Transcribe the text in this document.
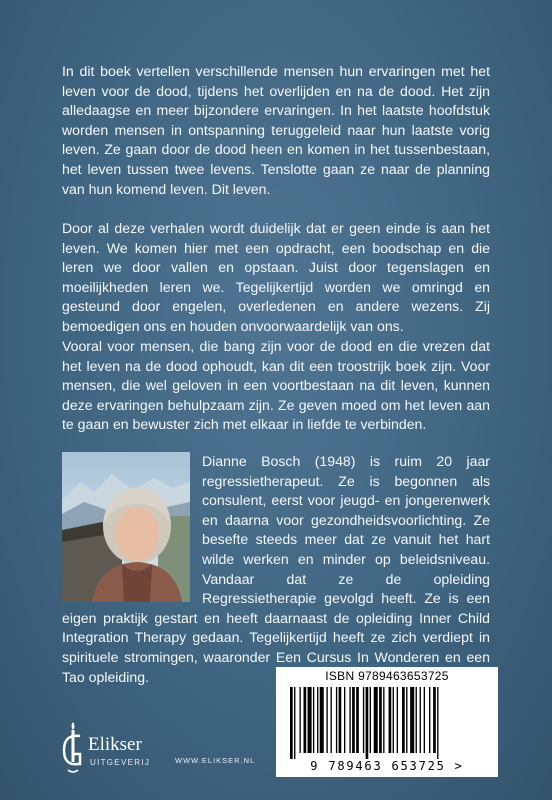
In dit boek vertellen verschillende mensen hun ervaringen met het leven voor de dood, tijdens het overlijden en na de dood. Het zijn alledaagse en meer bijzondere ervaringen. In het laatste hoofdstuk worden mensen in ontspanning teruggeleid naar hun laatste vorig leven. Ze gaan door de dood heen en komen in het tussenbestaan, het leven tussen twee levens. Tenslotte gaan ze naar de planning van hun komend leven. Dit leven.

Door al deze verhalen wordt duidelijk dat er geen einde is aan het leven. We komen hier met een opdracht, een boodschap en die leren we door vallen en opstaan. Juist door tegenslagen en moeilijkheden leren we. Tegelijkertijd worden we omringd en gesteund door engelen, overledenen en andere wezens. Zij bemoedigen ons en houden onvoorwaardelijk van ons.

Vooral voor mensen, die bang zijn voor de dood en die vrezen dat het leven na de dood ophoudt, kan dit een troostrijk boek zijn. Voor mensen, die wel geloven in een voortbestaan na dit leven, kunnen deze ervaringen behulpzaam zijn. Ze geven moed om het leven aan te gaan en bewuster zich met elkaar in liefde te verbinden.

Dianne Bosch (1948) is ruim 20 jaar regressietherapeut. Ze is begonnen als consulent, eerst voor jeugd- en jongerenwerk en daarna voor gezondheidsvoorlichting. Ze besefte steeds meer dat ze vanuit het hart wilde werken en minder op beleidsniveau. Vandaar dat ze de opleiding Regressietherapie gevolgd heeft. Ze is een eigen praktijk gestart en heeft daarnaast de opleiding Inner Child Integration Therapy gedaan. Tegelijkertijd heeft ze zich verdiept in spirituele stromingen, waaronder Een Cursus In Wonderen en een Tao opleiding.

Elikser
UITGEVERIJ	WWW.ELIKSER.NL
ISBN 9789463653725
9 789463 653725 >
